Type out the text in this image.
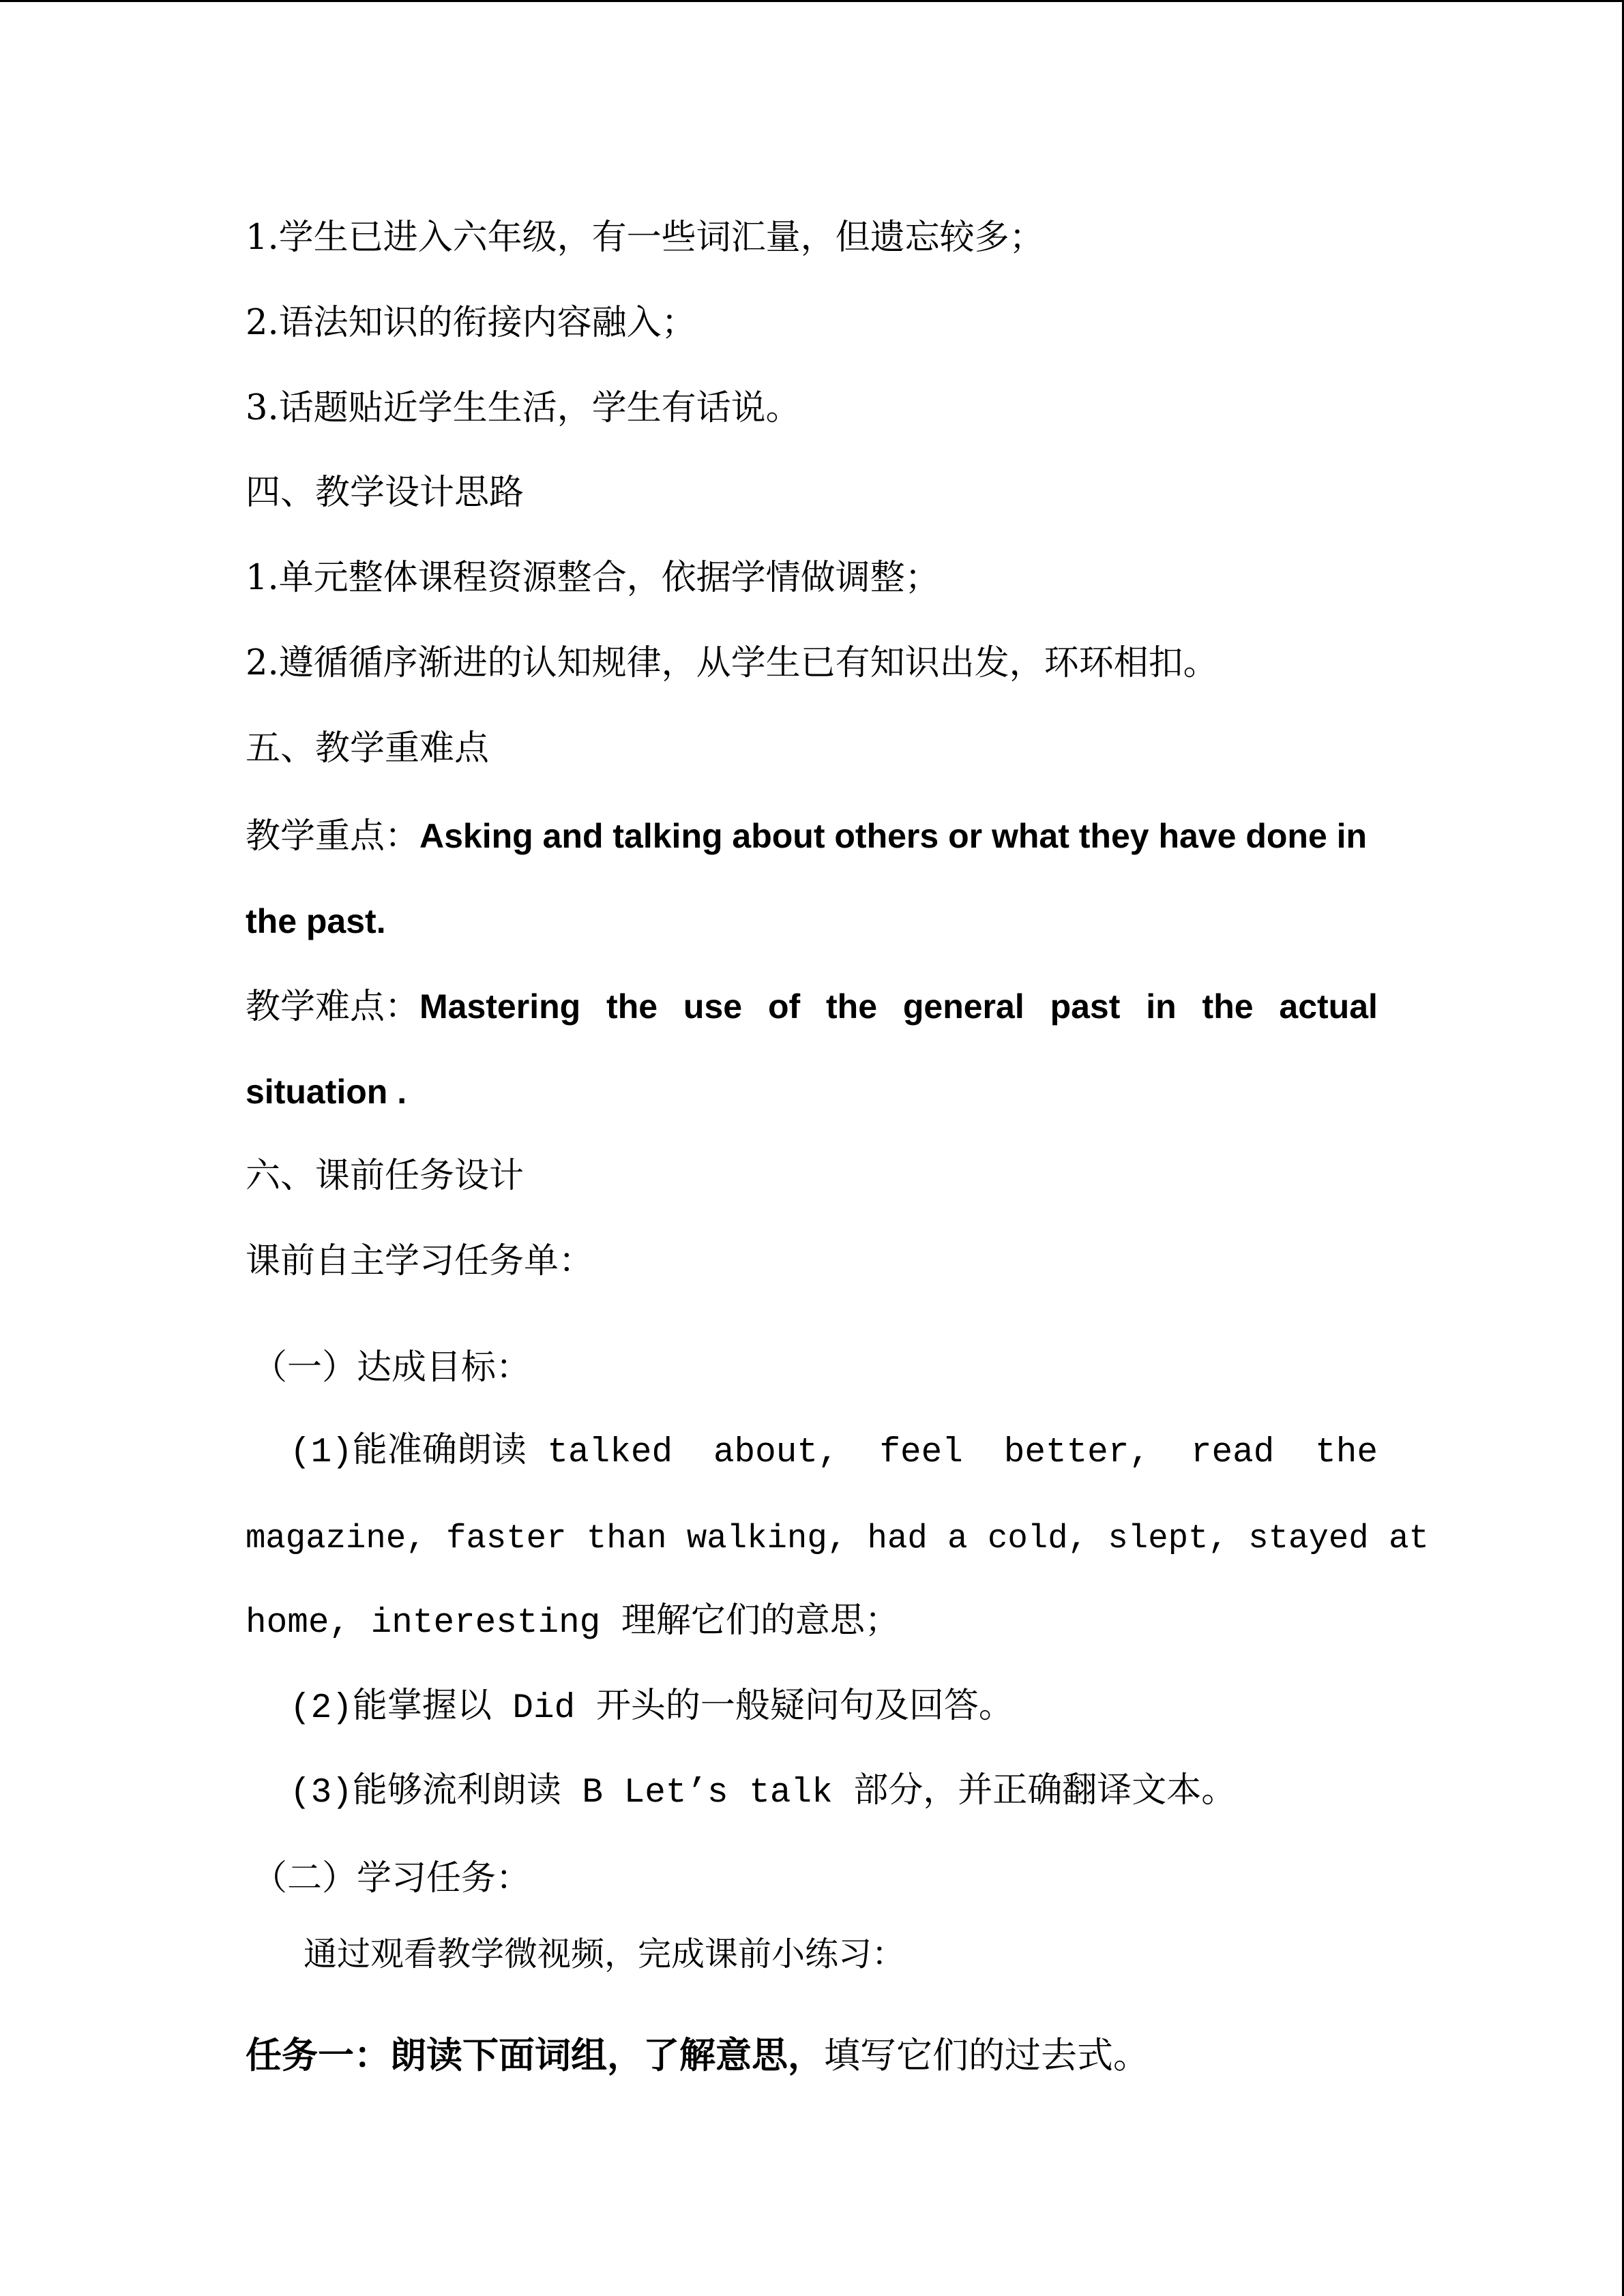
1.学生已进入六年级，有一些词汇量，但遗忘较多；
2.语法知识的衔接内容融入；
3.话题贴近学生生活，学生有话说。
四、教学设计思路
1.单元整体课程资源整合，依据学情做调整；
2.遵循循序渐进的认知规律，从学生已有知识出发，环环相扣。
五、教学重难点
教学重点：Asking and talking about others or what they have done in
the past.
教学难点：Mastering the use of the general past in the actual
situation .
六、课前任务设计
课前自主学习任务单：
（一）达成目标：
(1)能准确朗读 talked about, feel better, read the
magazine, faster than walking, had a cold, slept, stayed at
home, interesting 理解它们的意思；
(2)能掌握以 Did 开头的一般疑问句及回答。
(3)能够流利朗读 B Let’s talk 部分，并正确翻译文本。
（二）学习任务：
通过观看教学微视频，完成课前小练习：
任务一：朗读下面词组，了解意思，填写它们的过去式。
